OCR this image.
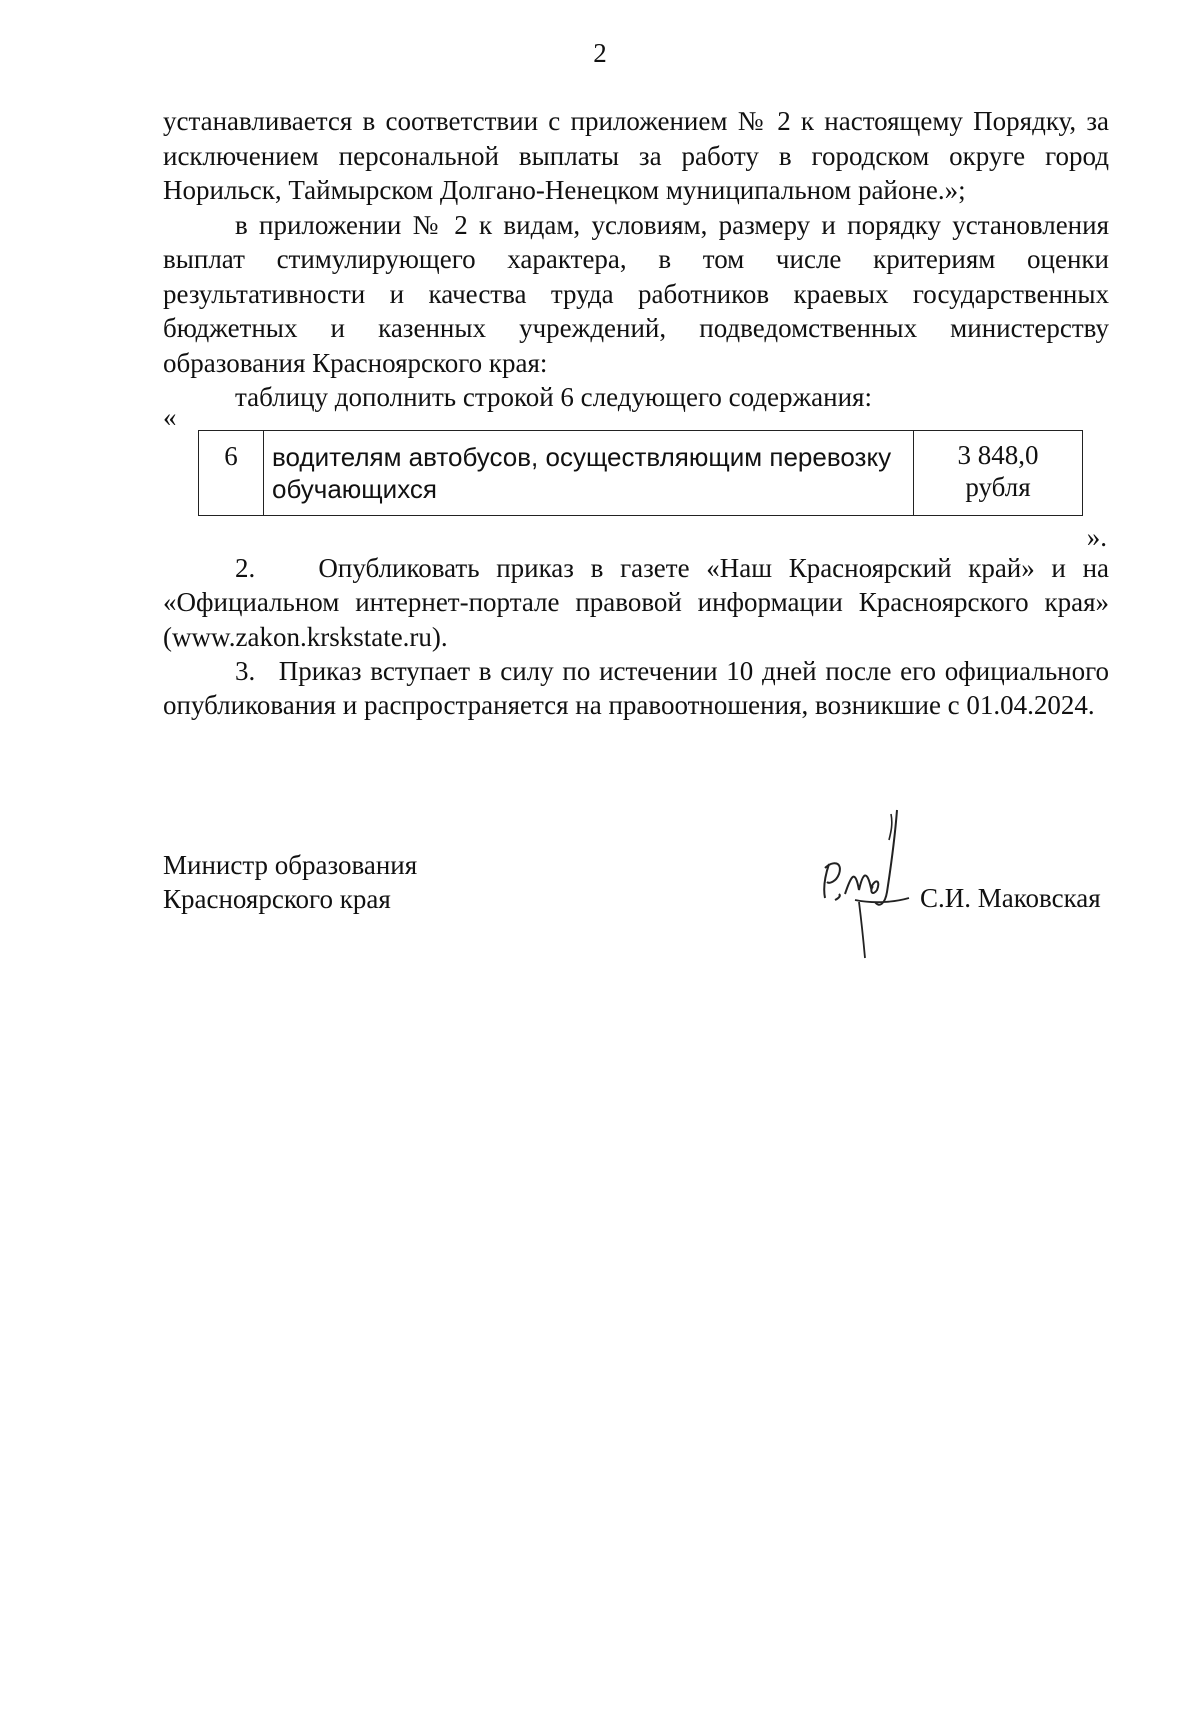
2

устанавливается в соответствии с приложением № 2 к настоящему Порядку, за исключением персональной выплаты за работу в городском округе город Норильск, Таймырском Долгано-Ненецком муниципальном районе.»;

в приложении № 2 к видам, условиям, размеру и порядку установления выплат стимулирующего характера, в том числе критериям оценки результативности и качества труда работников краевых государственных бюджетных и казенных учреждений, подведомственных министерству образования Красноярского края:

таблицу дополнить строкой 6 следующего содержания:

«
6	водителям автобусов, осуществляющим перевозку обучающихся
3 848,0
рубля
».

2. Опубликовать приказ в газете «Наш Красноярский край» и на «Официальном интернет-портале правовой информации Красноярского края» (www.zakon.krskstate.ru).

3. Приказ вступает в силу по истечении 10 дней после его официального опубликования и распространяется на правоотношения, возникшие с 01.04.2024.

Министр образования
Красноярского края	С.И. Маковская
